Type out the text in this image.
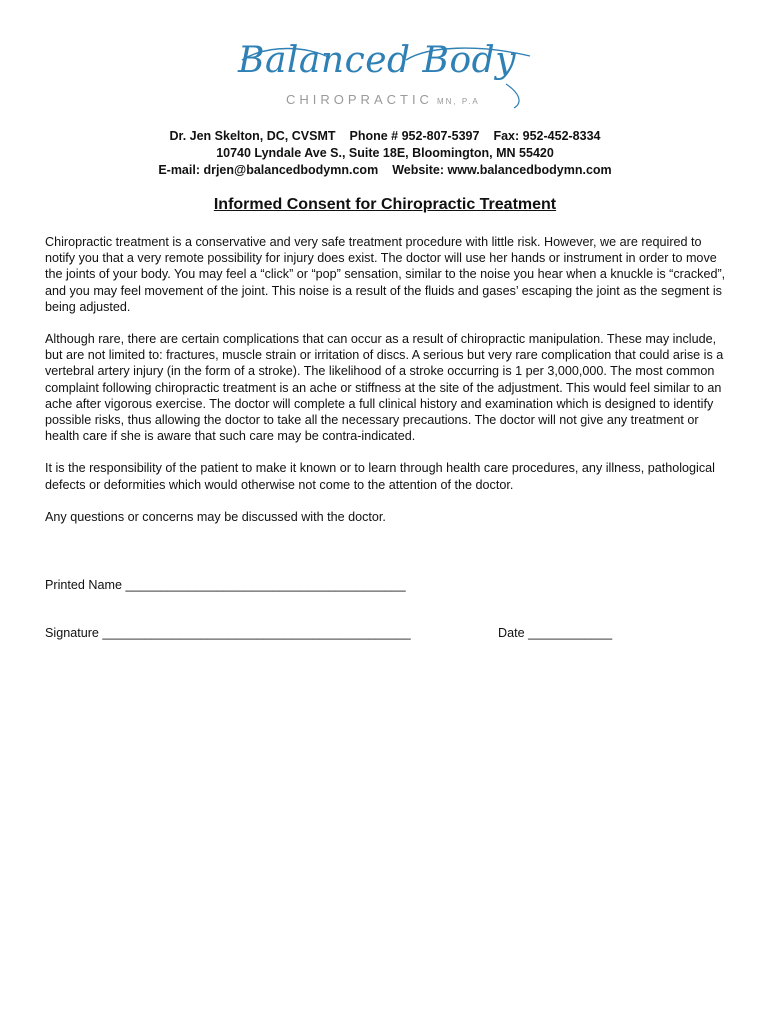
Balanced Body
CHIROPRACTIC MN, P.A
Dr. Jen Skelton, DC, CVSMT Phone # 952-807-5397 Fax: 952-452-8334
10740 Lyndale Ave S., Suite 18E, Bloomington, MN 55420
E-mail: drjen@balancedbodymn.com Website: www.balancedbodymn.com
Informed Consent for Chiropractic Treatment

Chiropractic treatment is a conservative and very safe treatment procedure with little risk. However, we are required to notify you that a very remote possibility for injury does exist. The doctor will use her hands or instrument in order to move the joints of your body. You may feel a “click” or “pop” sensation, similar to the noise you hear when a knuckle is “cracked”, and you may feel movement of the joint. This noise is a result of the fluids and gases’ escaping the joint as the segment is being adjusted.

Although rare, there are certain complications that can occur as a result of chiropractic manipulation. These may include, but are not limited to: fractures, muscle strain or irritation of discs. A serious but very rare complication that could arise is a vertebral artery injury (in the form of a stroke). The likelihood of a stroke occurring is 1 per 3,000,000. The most common complaint following chiropractic treatment is an ache or stiffness at the site of the adjustment. This would feel similar to an ache after vigorous exercise. The doctor will complete a full clinical history and examination which is designed to identify possible risks, thus allowing the doctor to take all the necessary precautions. The doctor will not give any treatment or health care if she is aware that such care may be contra-indicated.

It is the responsibility of the patient to make it known or to learn through health care procedures, any illness, pathological defects or deformities which would otherwise not come to the attention of the doctor.

Any questions or concerns may be discussed with the doctor.

Printed Name ________________________________________
Signature ____________________________________________	Date ____________
